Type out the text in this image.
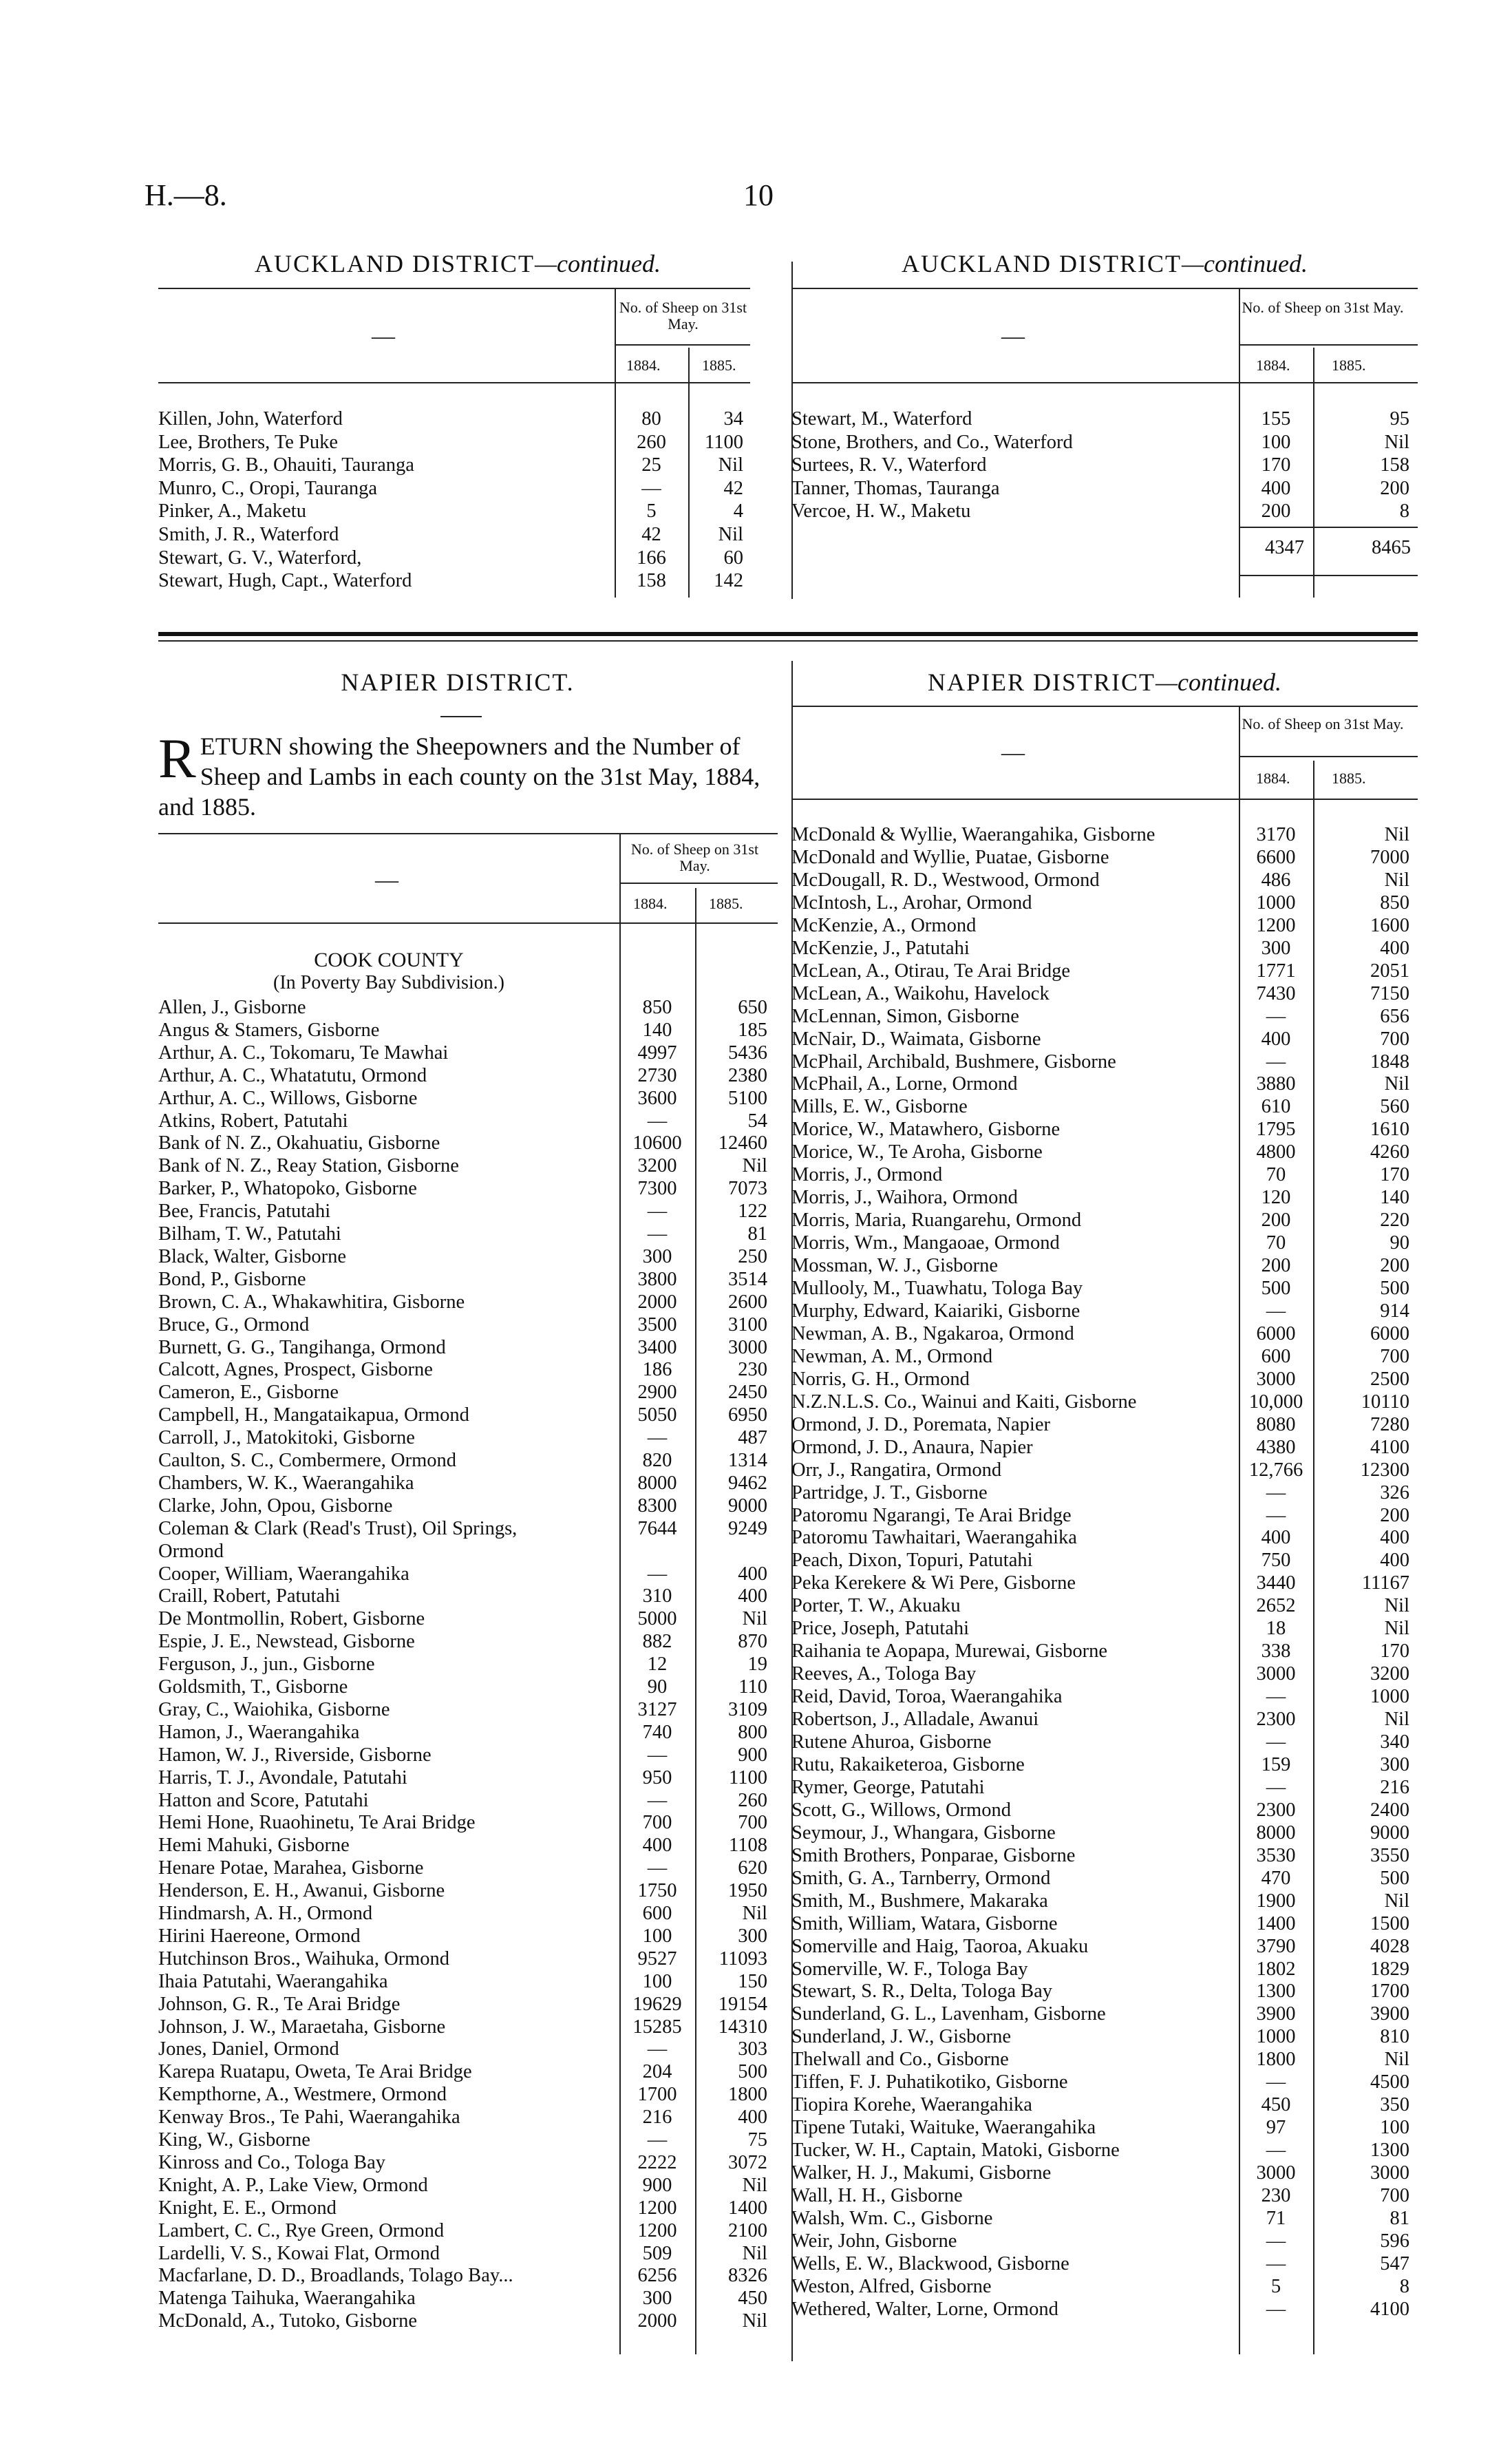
H.—8.	10
AUCKLAND DISTRICT—continued.	AUCKLAND DISTRICT—continued.
No. of Sheep on 31st May.
1884.	1885.
—
Killen, John, Waterford	80	34
Lee, Brothers, Te Puke	260	1100
Morris, G. B., Ohauiti, Tauranga	25	Nil
Munro, C., Oropi, Tauranga	—	42
Pinker, A., Maketu	5	4
Smith, J. R., Waterford	42	Nil
Stewart, G. V., Waterford,	166	60
Stewart, Hugh, Capt., Waterford	158	142
No. of Sheep on 31st May.
1884.	1885.
—
Stewart, M., Waterford	155	95
Stone, Brothers, and Co., Waterford	100	Nil
Surtees, R. V., Waterford	170	158
Tanner, Thomas, Tauranga	400	200
Vercoe, H. W., Maketu	200	8
4347	8465
NAPIER DISTRICT.	NAPIER DISTRICT—continued.
RETURN showing the Sheepowners and the Number of Sheep and Lambs in each county on the 31st May, 1884, and 1885.
No. of Sheep on 31st May.
1884.	1885.
—
COOK COUNTY
(In Poverty Bay Subdivision.)
Allen, J., Gisborne	850	650
Angus & Stamers, Gisborne	140	185
Arthur, A. C., Tokomaru, Te Mawhai	4997	5436
Arthur, A. C., Whatatutu, Ormond	2730	2380
Arthur, A. C., Willows, Gisborne	3600	5100
Atkins, Robert, Patutahi	—	54
Bank of N. Z., Okahuatiu, Gisborne	10600	12460
Bank of N. Z., Reay Station, Gisborne	3200	Nil
Barker, P., Whatopoko, Gisborne	7300	7073
Bee, Francis, Patutahi	—	122
Bilham, T. W., Patutahi	—	81
Black, Walter, Gisborne	300	250
Bond, P., Gisborne	3800	3514
Brown, C. A., Whakawhitira, Gisborne	2000	2600
Bruce, G., Ormond	3500	3100
Burnett, G. G., Tangihanga, Ormond	3400	3000
Calcott, Agnes, Prospect, Gisborne	186	230
Cameron, E., Gisborne	2900	2450
Campbell, H., Mangataikapua, Ormond	5050	6950
Carroll, J., Matokitoki, Gisborne	—	487
Caulton, S. C., Combermere, Ormond	820	1314
Chambers, W. K., Waerangahika	8000	9462
Clarke, John, Opou, Gisborne	8300	9000
Coleman & Clark (Read's Trust), Oil Springs,	7644	9249
Ormond
Cooper, William, Waerangahika	—	400
Craill, Robert, Patutahi	310	400
De Montmollin, Robert, Gisborne	5000	Nil
Espie, J. E., Newstead, Gisborne	882	870
Ferguson, J., jun., Gisborne	12	19
Goldsmith, T., Gisborne	90	110
Gray, C., Waiohika, Gisborne	3127	3109
Hamon, J., Waerangahika	740	800
Hamon, W. J., Riverside, Gisborne	—	900
Harris, T. J., Avondale, Patutahi	950	1100
Hatton and Score, Patutahi	—	260
Hemi Hone, Ruaohinetu, Te Arai Bridge	700	700
Hemi Mahuki, Gisborne	400	1108
Henare Potae, Marahea, Gisborne	—	620
Henderson, E. H., Awanui, Gisborne	1750	1950
Hindmarsh, A. H., Ormond	600	Nil
Hirini Haereone, Ormond	100	300
Hutchinson Bros., Waihuka, Ormond	9527	11093
Ihaia Patutahi, Waerangahika	100	150
Johnson, G. R., Te Arai Bridge	19629	19154
Johnson, J. W., Maraetaha, Gisborne	15285	14310
Jones, Daniel, Ormond	—	303
Karepa Ruatapu, Oweta, Te Arai Bridge	204	500
Kempthorne, A., Westmere, Ormond	1700	1800
Kenway Bros., Te Pahi, Waerangahika	216	400
King, W., Gisborne	—	75
Kinross and Co., Tologa Bay	2222	3072
Knight, A. P., Lake View, Ormond	900	Nil
Knight, E. E., Ormond	1200	1400
Lambert, C. C., Rye Green, Ormond	1200	2100
Lardelli, V. S., Kowai Flat, Ormond	509	Nil
Macfarlane, D. D., Broadlands, Tolago Bay...	6256	8326
Matenga Taihuka, Waerangahika	300	450
McDonald, A., Tutoko, Gisborne	2000	Nil
No. of Sheep on 31st May.
1884.	1885.
—
McDonald & Wyllie, Waerangahika, Gisborne	3170	Nil
McDonald and Wyllie, Puatae, Gisborne	6600	7000
McDougall, R. D., Westwood, Ormond	486	Nil
McIntosh, L., Arohar, Ormond	1000	850
McKenzie, A., Ormond	1200	1600
McKenzie, J., Patutahi	300	400
McLean, A., Otirau, Te Arai Bridge	1771	2051
McLean, A., Waikohu, Havelock	7430	7150
McLennan, Simon, Gisborne	—	656
McNair, D., Waimata, Gisborne	400	700
McPhail, Archibald, Bushmere, Gisborne	—	1848
McPhail, A., Lorne, Ormond	3880	Nil
Mills, E. W., Gisborne	610	560
Morice, W., Matawhero, Gisborne	1795	1610
Morice, W., Te Aroha, Gisborne	4800	4260
Morris, J., Ormond	70	170
Morris, J., Waihora, Ormond	120	140
Morris, Maria, Ruangarehu, Ormond	200	220
Morris, Wm., Mangaoae, Ormond	70	90
Mossman, W. J., Gisborne	200	200
Mullooly, M., Tuawhatu, Tologa Bay	500	500
Murphy, Edward, Kaiariki, Gisborne	—	914
Newman, A. B., Ngakaroa, Ormond	6000	6000
Newman, A. M., Ormond	600	700
Norris, G. H., Ormond	3000	2500
N.Z.N.L.S. Co., Wainui and Kaiti, Gisborne	10,000	10110
Ormond, J. D., Poremata, Napier	8080	7280
Ormond, J. D., Anaura, Napier	4380	4100
Orr, J., Rangatira, Ormond	12,766	12300
Partridge, J. T., Gisborne	—	326
Patoromu Ngarangi, Te Arai Bridge	—	200
Patoromu Tawhaitari, Waerangahika	400	400
Peach, Dixon, Topuri, Patutahi	750	400
Peka Kerekere & Wi Pere, Gisborne	3440	11167
Porter, T. W., Akuaku	2652	Nil
Price, Joseph, Patutahi	18	Nil
Raihania te Aopapa, Murewai, Gisborne	338	170
Reeves, A., Tologa Bay	3000	3200
Reid, David, Toroa, Waerangahika	—	1000
Robertson, J., Alladale, Awanui	2300	Nil
Rutene Ahuroa, Gisborne	—	340
Rutu, Rakaiketeroa, Gisborne	159	300
Rymer, George, Patutahi	—	216
Scott, G., Willows, Ormond	2300	2400
Seymour, J., Whangara, Gisborne	8000	9000
Smith Brothers, Ponparae, Gisborne	3530	3550
Smith, G. A., Tarnberry, Ormond	470	500
Smith, M., Bushmere, Makaraka	1900	Nil
Smith, William, Watara, Gisborne	1400	1500
Somerville and Haig, Taoroa, Akuaku	3790	4028
Somerville, W. F., Tologa Bay	1802	1829
Stewart, S. R., Delta, Tologa Bay	1300	1700
Sunderland, G. L., Lavenham, Gisborne	3900	3900
Sunderland, J. W., Gisborne	1000	810
Thelwall and Co., Gisborne	1800	Nil
Tiffen, F. J. Puhatikotiko, Gisborne	—	4500
Tiopira Korehe, Waerangahika	450	350
Tipene Tutaki, Waituke, Waerangahika	97	100
Tucker, W. H., Captain, Matoki, Gisborne	—	1300
Walker, H. J., Makumi, Gisborne	3000	3000
Wall, H. H., Gisborne	230	700
Walsh, Wm. C., Gisborne	71	81
Weir, John, Gisborne	—	596
Wells, E. W., Blackwood, Gisborne	—	547
Weston, Alfred, Gisborne	5	8
Wethered, Walter, Lorne, Ormond	—	4100
